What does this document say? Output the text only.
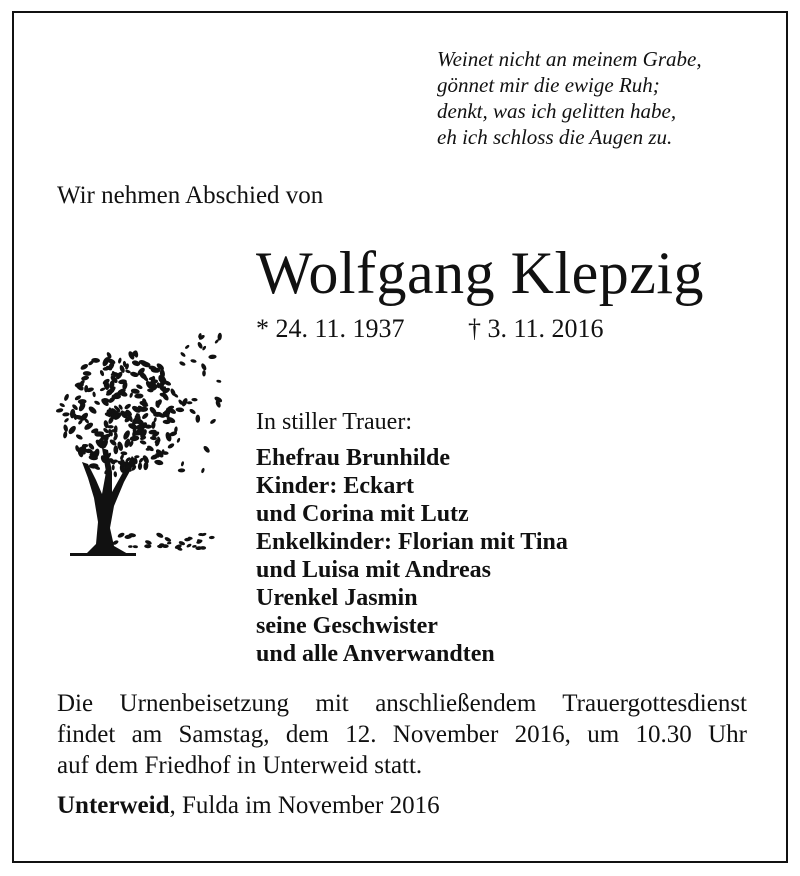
Weinet nicht an meinem Grabe,
gönnet mir die ewige Ruh;
denkt, was ich gelitten habe,
eh ich schloss die Augen zu.
Wir nehmen Abschied von
Wolfgang Klepzig
* 24. 11. 1937 † 3. 11. 2016
In stiller Trauer:
Ehefrau Brunhilde
Kinder: Eckart
und Corina mit Lutz
Enkelkinder: Florian mit Tina
und Luisa mit Andreas
Urenkel Jasmin
seine Geschwister
und alle Anverwandten
Die Urnenbeisetzung mit anschließendem Trauergottesdienst
findet am Samstag, dem 12. November 2016, um 10.30 Uhr
auf dem Friedhof in Unterweid statt.
Unterweid, Fulda im November 2016
